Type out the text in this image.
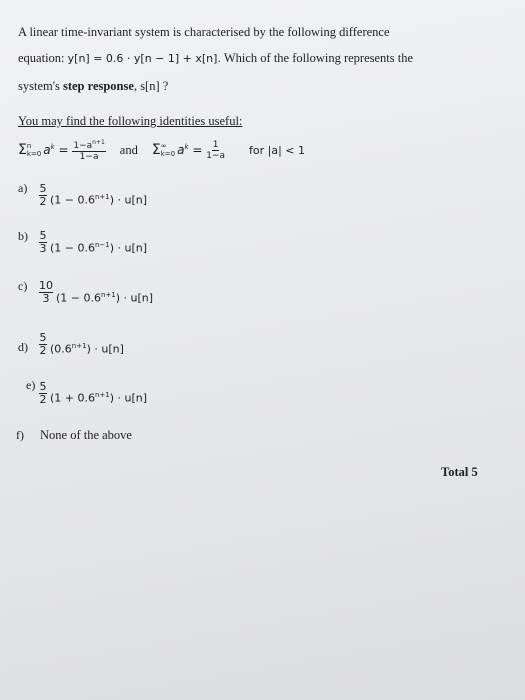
A linear time-invariant system is characterised by the following difference
equation: y[n] = 0.6 · y[n − 1] + x[n]. Which of the following represents the
system's step response, s[n] ?
You may find the following identities useful:
Σ n
k=0 $a^k = \frac{1-a^{n+1}}{1-a}$ and Σ ∞
k=0 $a^k = \frac{1}{1-a}$ for |a| < 1
a) 5
2 $(1 - 0.6^{n+1}) \cdot u[n]$
b) 5
3 $(1 - 0.6^{n-1}) \cdot u[n]$
c) 10
3 $(1 - 0.6^{n+1}) \cdot u[n]$
d)
5
2 $(0.6^{n+1}) \cdot u[n]$
e) 5
2 $(1 + 0.6^{n+1}) \cdot u[n]$
f) None of the above
Total 5
